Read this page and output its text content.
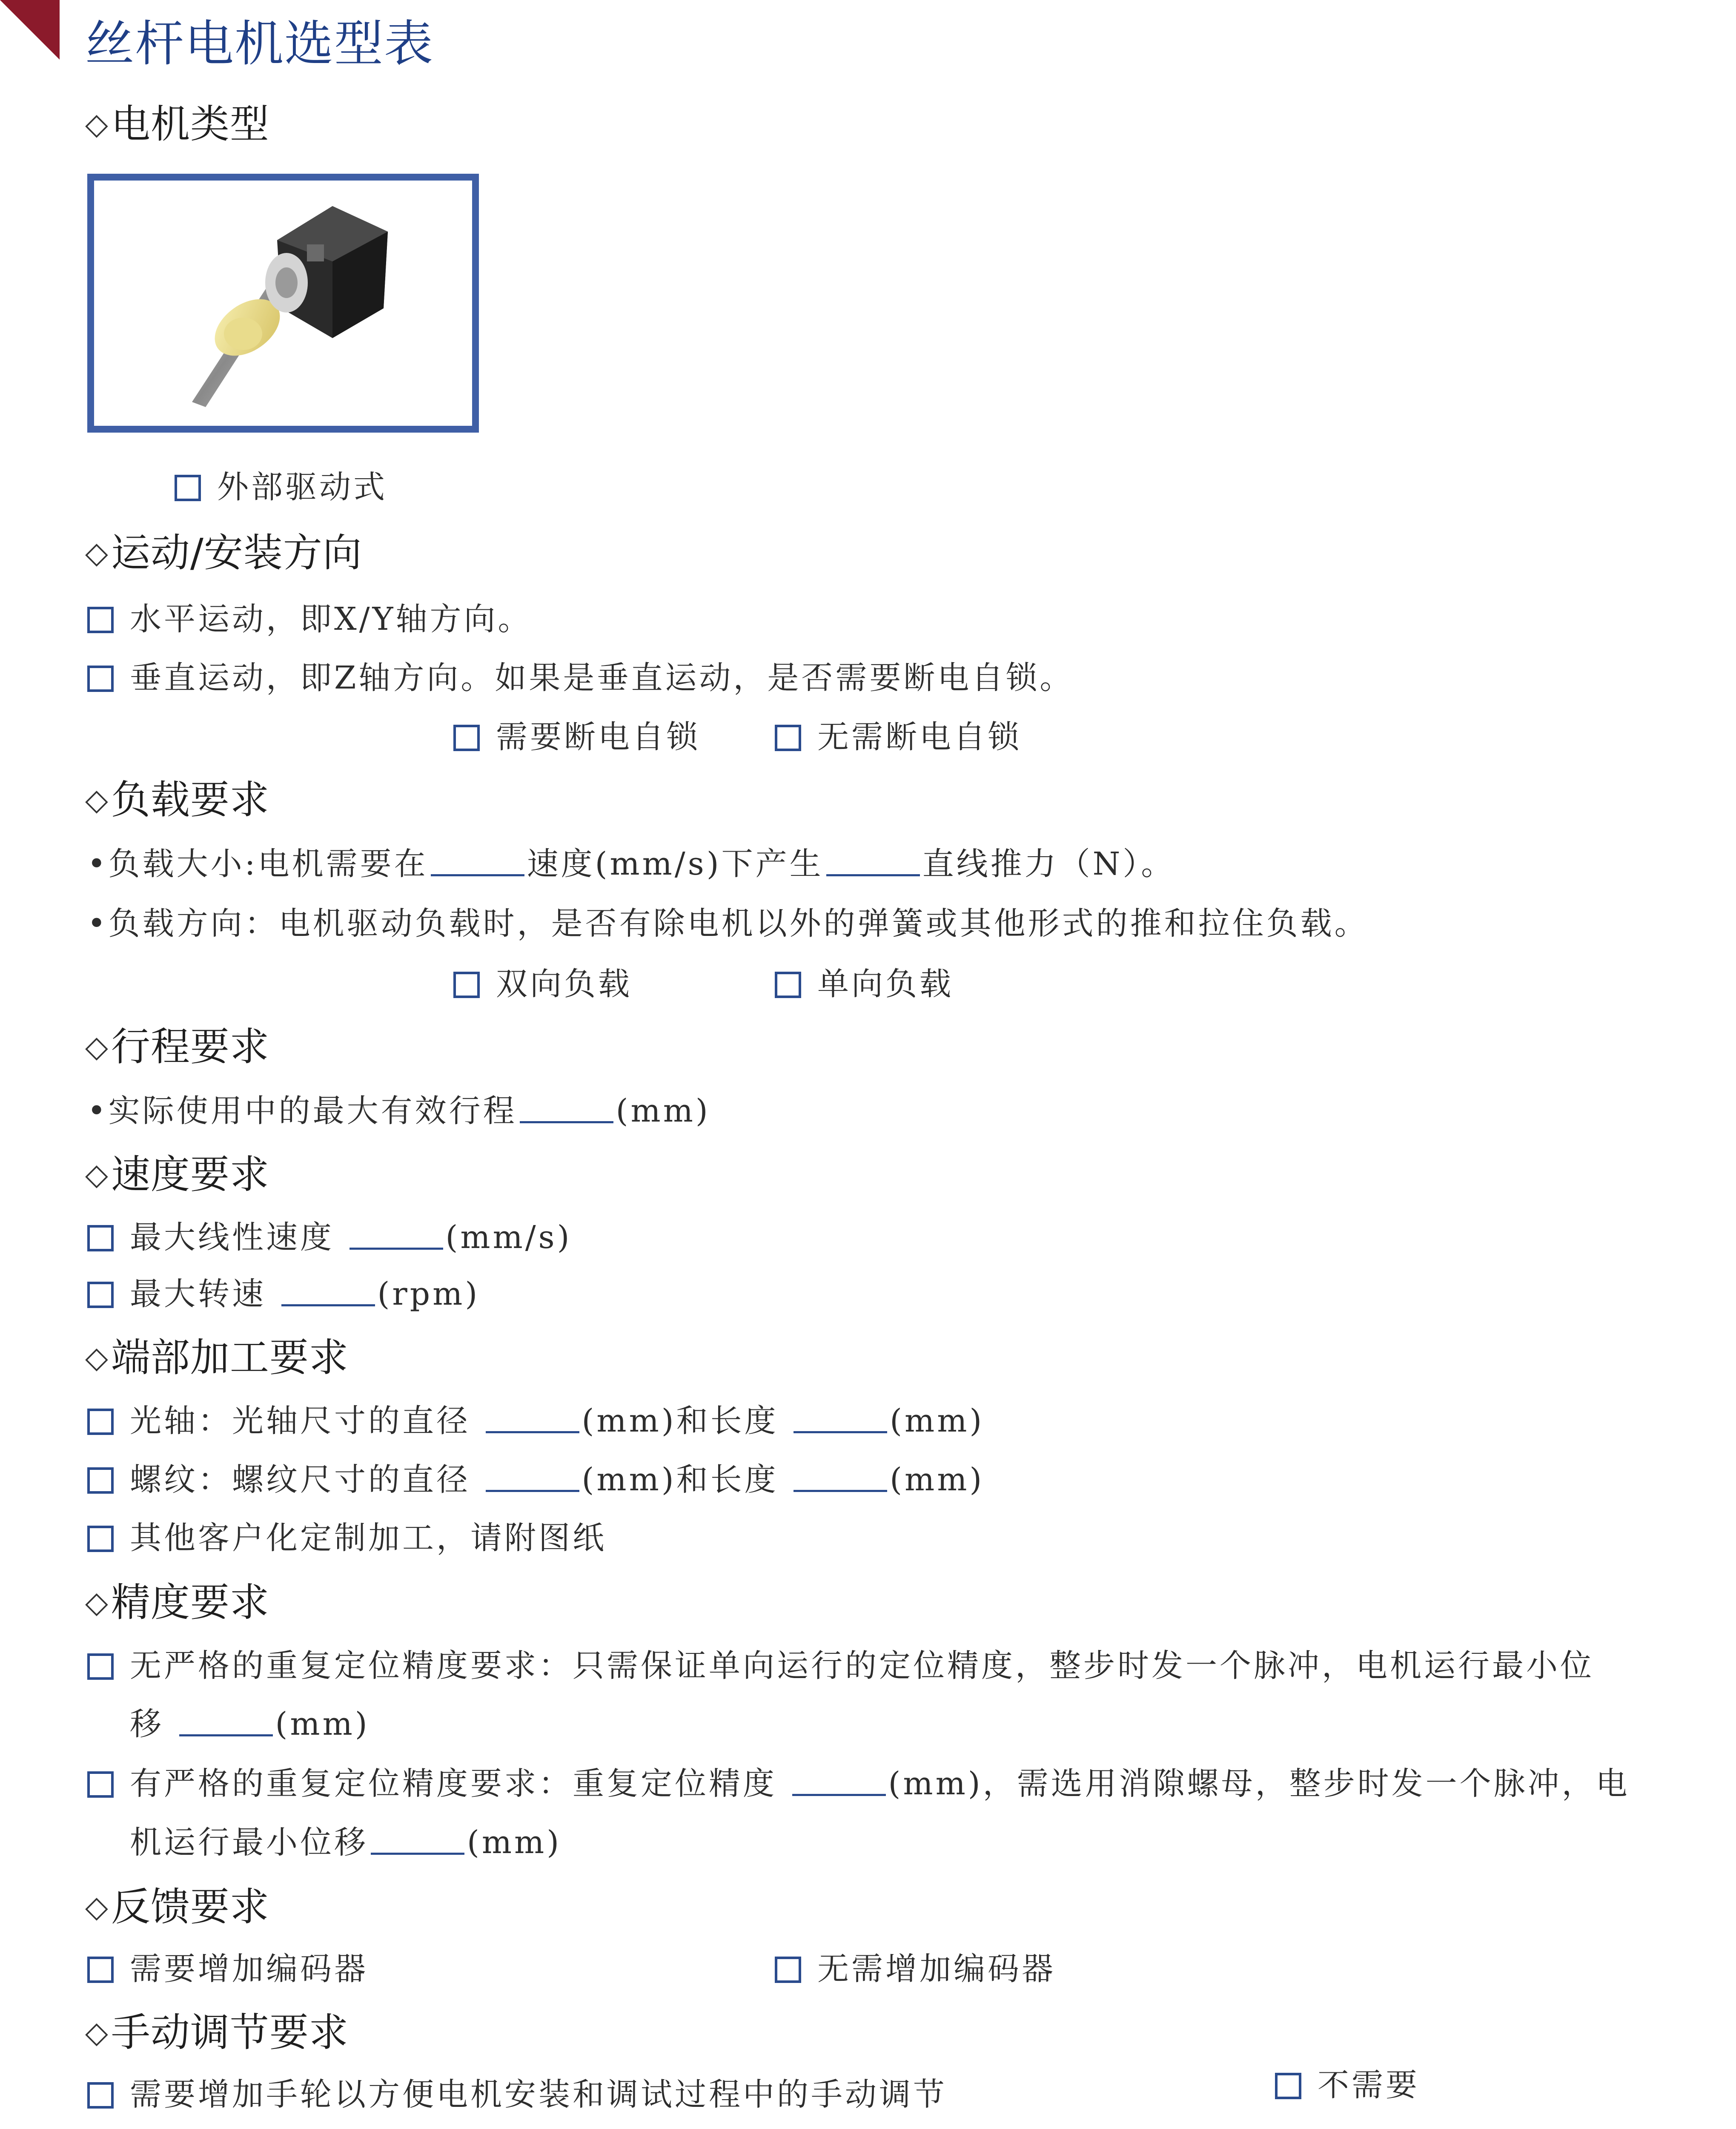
丝杆电机选型表
◇电机类型
外部驱动式
◇运动/安装方向
水平运动，即X/Y轴方向。
垂直运动，即Z轴方向。如果是垂直运动，是否需要断电自锁。
需要断电自锁	无需断电自锁
◇负载要求
•负载大小:电机需要在	速度(mm/s)下产生	直线推力（N）。
•负载方向：电机驱动负载时，是否有除电机以外的弹簧或其他形式的推和拉住负载。
双向负载	单向负载
◇行程要求
•实际使用中的最大有效行程	(mm)
◇速度要求
最大线性速度	(mm/s)
最大转速	(rpm)
◇端部加工要求
光轴：光轴尺寸的直径	(mm)和长度	(mm)
螺纹：螺纹尺寸的直径	(mm)和长度	(mm)
其他客户化定制加工，请附图纸
◇精度要求
无严格的重复定位精度要求：只需保证单向运行的定位精度，整步时发一个脉冲，电机运行最小位
移	(mm)
有严格的重复定位精度要求：重复定位精度	(mm)，需选用消隙螺母，整步时发一个脉冲，电
机运行最小位移	(mm)
◇反馈要求
需要增加编码器	无需增加编码器
◇手动调节要求
需要增加手轮以方便电机安装和调试过程中的手动调节	不需要
